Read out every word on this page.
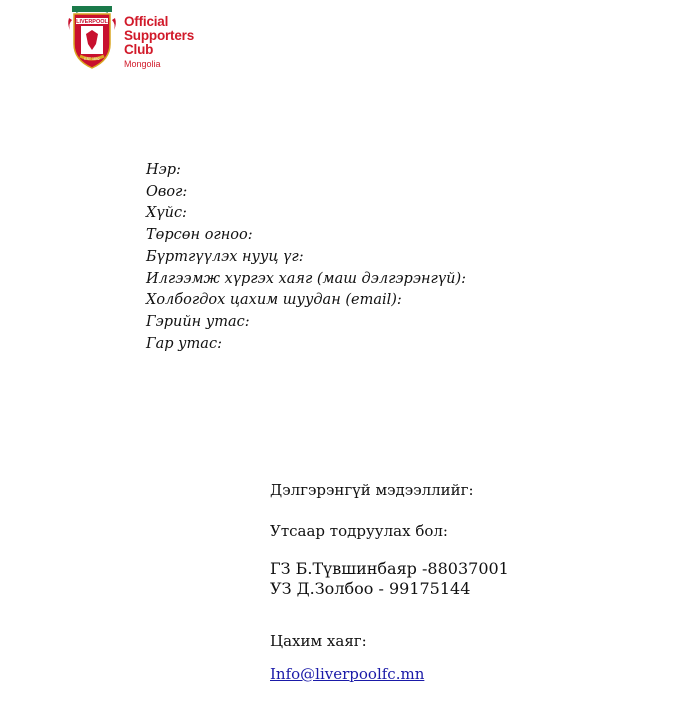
LIVERPOOL
EST 1892
Official
Supporters
Club
Mongolia
Нэр:
Овог:
Хүйс:
Төрсөн огноо:
Бүртгүүлэх нууц үг:
Илгээмж хүргэх хаяг (маш дэлгэрэнгүй):
Холбогдох цахим шуудан (email):
Гэрийн утас:
Гар утас:
Дэлгэрэнгүй мэдээллийг:
Утсаар тодруулах бол:
ГЗ Б.Түвшинбаяр -88037001
УЗ Д.Золбоо - 99175144
Цахим хаяг:
Info@liverpoolfc.mn
